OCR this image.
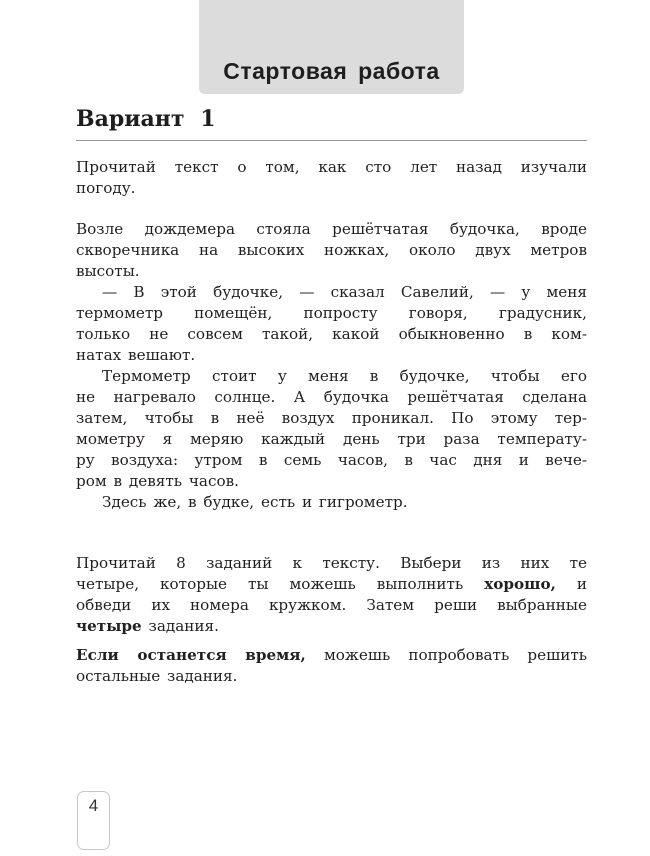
Стартовая работа
Вариант 1

Прочитай текст о том, как сто лет назад изучали
погоду.

Возле дождемера стояла решётчатая будочка, вроде
скворечника на высоких ножках, около двух метров
высоты.

— В этой будочке, — сказал Савелий, — у меня
термометр помещён, попросту говоря, градусник,
только не совсем такой, какой обыкновенно в ком-
натах вешают.

Термометр стоит у меня в будочке, чтобы его
не нагревало солнце. А будочка решётчатая сделана
затем, чтобы в неё воздух проникал. По этому тер-
мометру я меряю каждый день три раза температу-
ру воздуха: утром в семь часов, в час дня и вече-
ром в девять часов.

Здесь же, в будке, есть и гигрометр.

Прочитай 8 заданий к тексту. Выбери из них те
четыре, которые ты можешь выполнить хорошо, и
обведи их номера кружком. Затем реши выбранные
четыре задания.

Если останется время, можешь попробовать решить
остальные задания.

4
